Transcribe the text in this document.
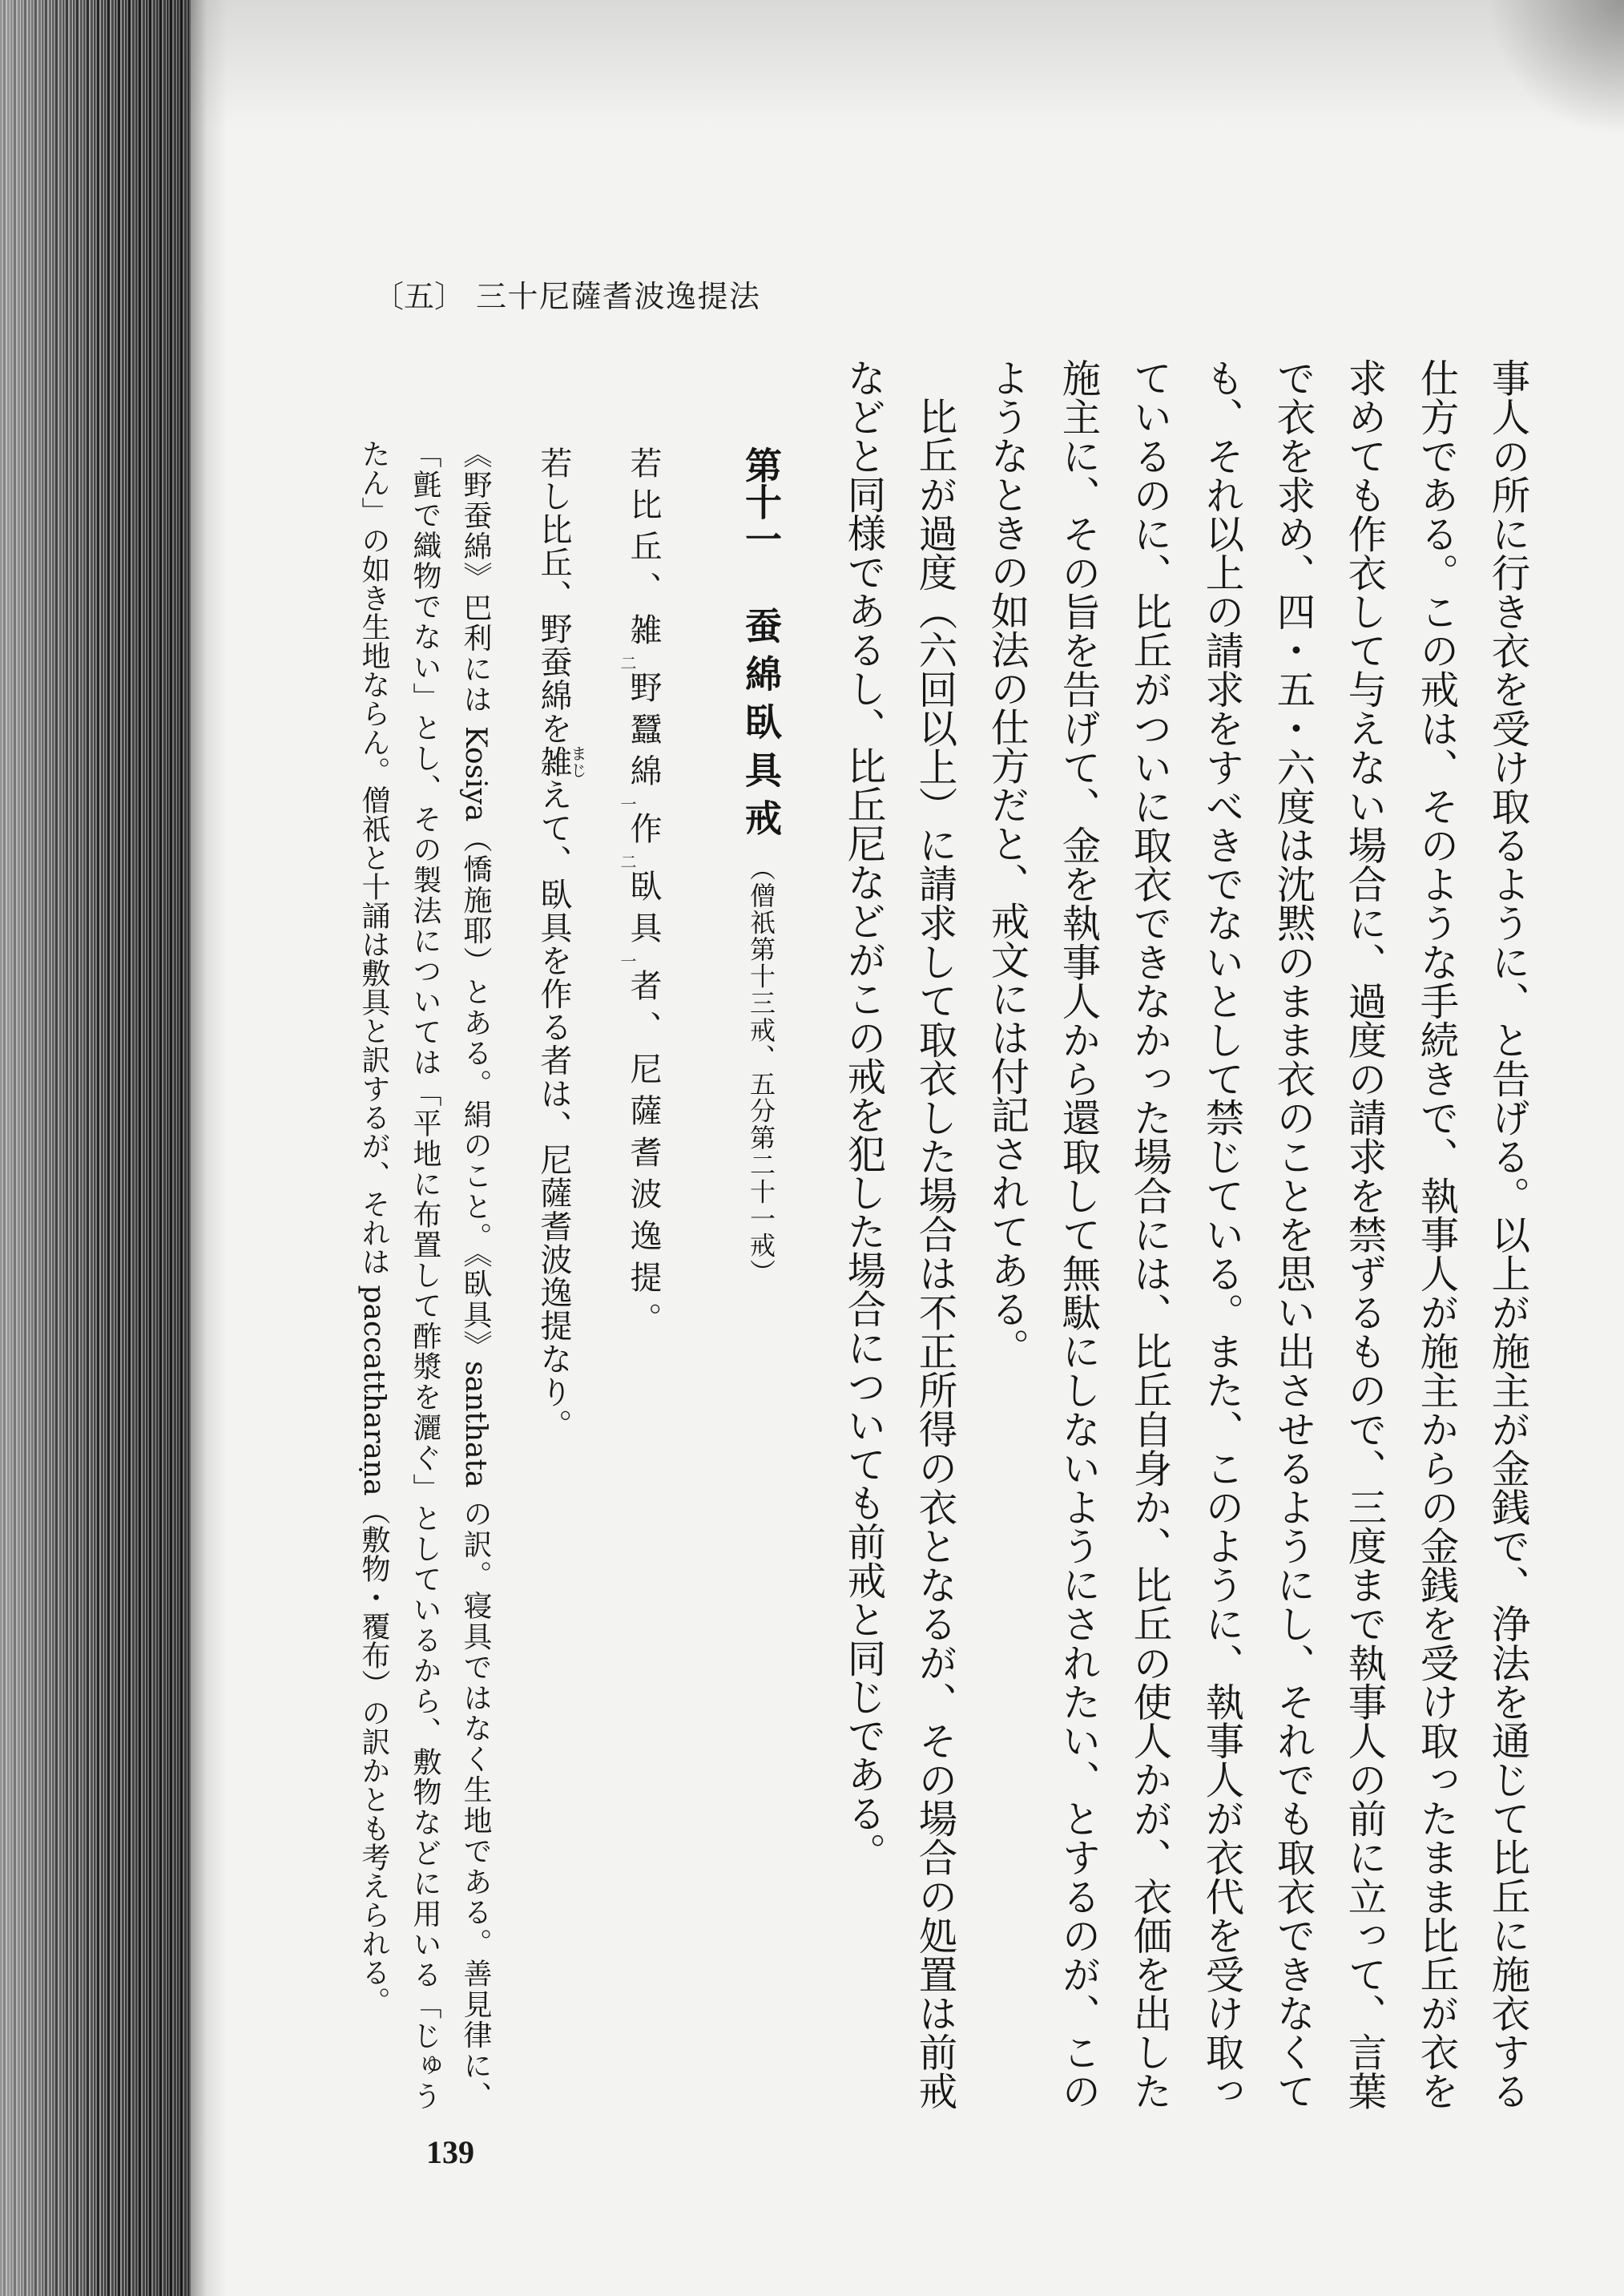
〔五〕 三十尼薩耆波逸提法
事人の所に行き衣を受け取るように、と告げる。以上が施主が金銭で、浄法を通じて比丘に施衣する
仕方である。この戒は、そのような手続きで、執事人が施主からの金銭を受け取ったまま比丘が衣を
求めても作衣して与えない場合に、過度の請求を禁ずるもので、三度まで執事人の前に立って、言葉
で衣を求め、四・五・六度は沈黙のまま衣のことを思い出させるようにし、それでも取衣できなくて
も、それ以上の請求をすべきでないとして禁じている。また、このように、執事人が衣代を受け取っ
ているのに、比丘がついに取衣できなかった場合には、比丘自身か、比丘の使人かが、衣価を出した
施主に、その旨を告げて、金を執事人から還取して無駄にしないようにされたい、とするのが、この
ようなときの如法の仕方だと、戒文には付記されてある。
比丘が過度（六回以上）に請求して取衣した場合は不正所得の衣となるが、その場合の処置は前戒
などと同様であるし、比丘尼などがこの戒を犯した場合についても前戒と同じである。
第十一蚕綿臥具戒（僧祇第十三戒、五分第二十一戒）
若比丘、雑二野蠶綿一作二臥具一者、尼薩耆波逸提。
若し比丘、野蚕綿を雑まじえて、臥具を作る者は、尼薩耆波逸提なり。
《野蚕綿》巴利には Kosiya（憍施耶）とある。絹のこと。《臥具》santhata の訳。寝具ではなく生地である。善見律に、
「氈で織物でない」とし、その製法については「平地に布置して酢漿を灑ぐ」としているから、敷物などに用いる「じゅう
たん」の如き生地ならん。僧祇と十誦は敷具と訳するが、それは paccattharaṇa（敷物・覆布）の訳かとも考えられる。
139
